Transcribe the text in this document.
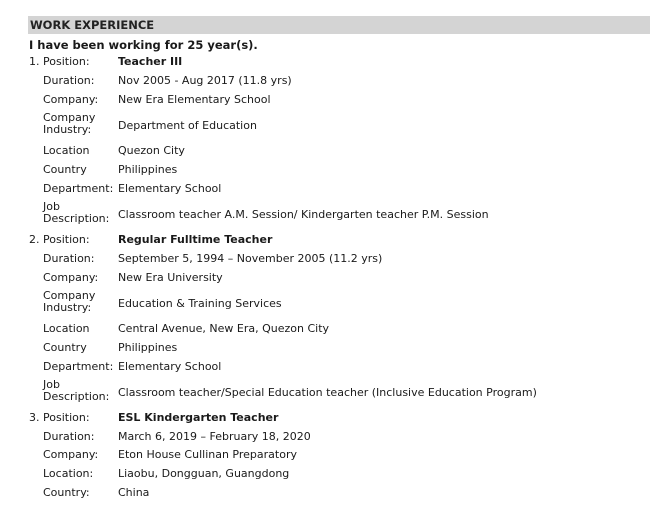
WORK EXPERIENCE
I have been working for 25 year(s).
1. Position:	Teacher III
Duration:	Nov 2005 - Aug 2017 (11.8 yrs)
Company:	New Era Elementary School
Company
Industry:	Department of Education
Location	Quezon City
Country	Philippines
Department: Elementary School
Job
Description: Classroom teacher A.M. Session/ Kindergarten teacher P.M. Session
2. Position:	Regular Fulltime Teacher
Duration:	September 5, 1994 – November 2005 (11.2 yrs)
Company:	New Era University
Company
Industry:	Education & Training Services
Location	Central Avenue, New Era, Quezon City
Country	Philippines
Department: Elementary School
Job
Description: Classroom teacher/Special Education teacher (Inclusive Education Program)
3. Position:	ESL Kindergarten Teacher
Duration:	March 6, 2019 – February 18, 2020
Company:	Eton House Cullinan Preparatory
Location:	Liaobu, Dongguan, Guangdong
Country:	China
